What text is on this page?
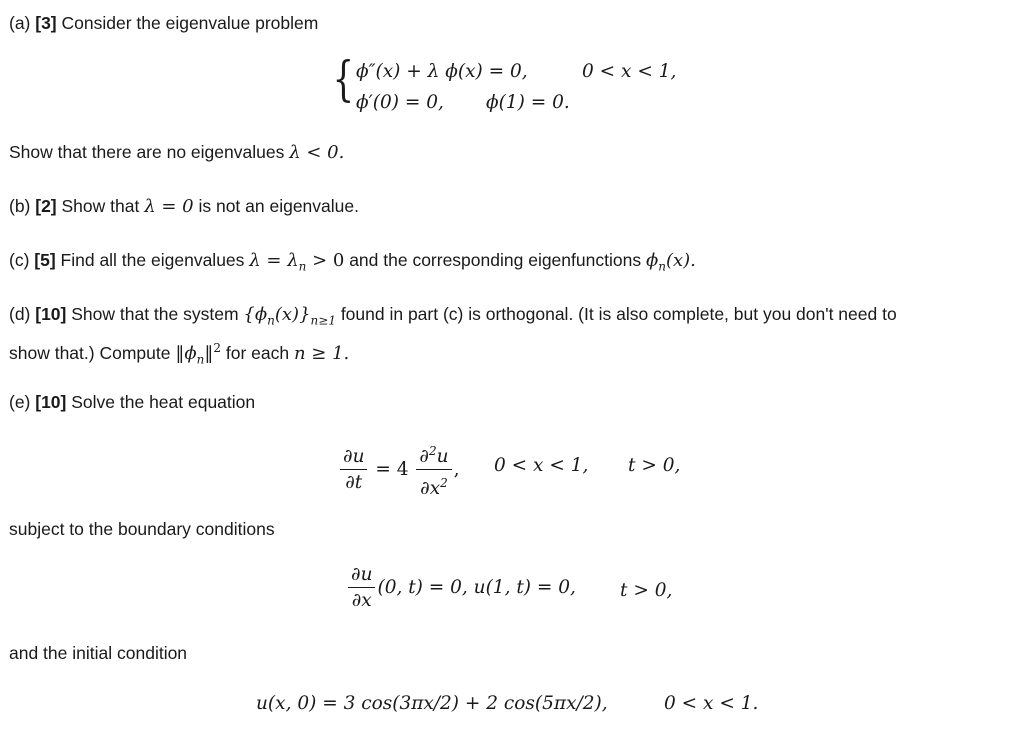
(a) [3] Consider the eigenvalue problem
{ ϕ″(x) + λ ϕ(x) = 0,	0 < x < 1,
ϕ′(0) = 0, ϕ(1) = 0.
Show that there are no eigenvalues λ < 0.
(b) [2] Show that λ = 0 is not an eigenvalue.
(c) [5] Find all the eigenvalues $\lambda = \lambda_n > 0$ and the corresponding eigenfunctions $\phi_n(x)$.
(d) [10] Show that the system $\{\phi_n(x)\}_{n\ge 1}$ found in part (c) is orthogonal. (It is also complete, but you don't need to
show that.) Compute $‖\phi_n‖^2$ for each n ≥ 1.
(e) [10] Solve the heat equation
$\frac{\partial u}{\partial t} = 4 \frac{\partial^2u}{\partial x^2}$ , 0 < x < 1, t > 0,
subject to the boundary conditions
$\frac{\partial u}{\partial x} (0$, t) = 0, u(1, t) = 0, t > 0,
and the initial condition
u(x, 0) = 3 cos(3πx/2) + 2 cos(5πx/2),	0 < x < 1.
